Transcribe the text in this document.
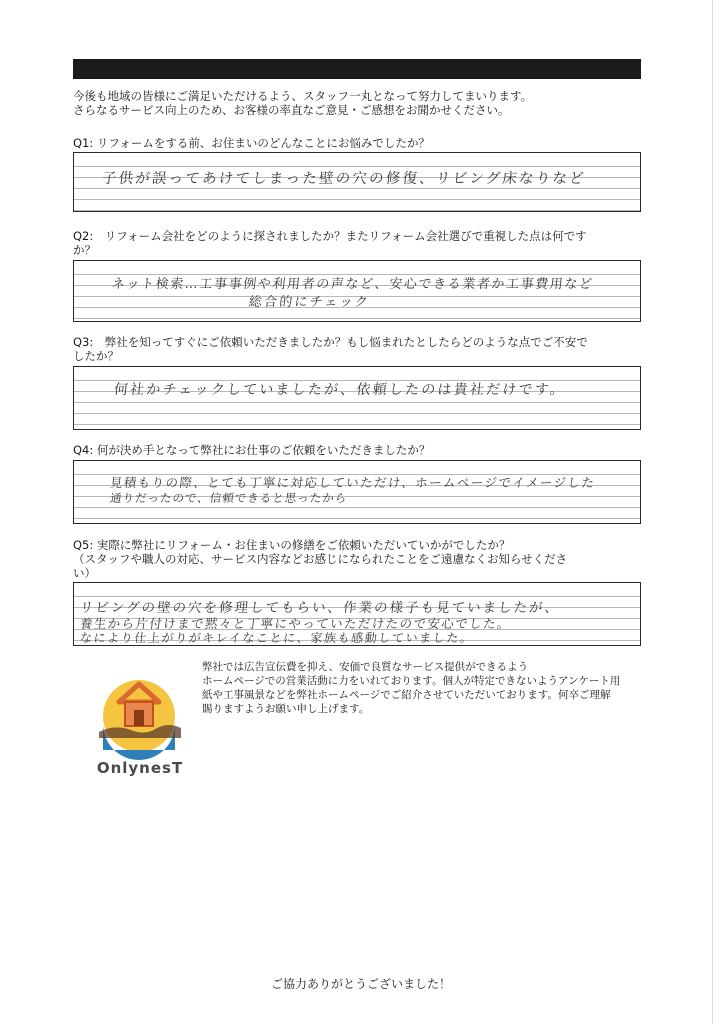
今後も地域の皆様にご満足いただけるよう、スタッフ一丸となって努力してまいります。
さらなるサービス向上のため、お客様の率直なご意見・ご感想をお聞かせください。

Q1: リフォームをする前、お住まいのどんなことにお悩みでしたか？

子供が誤ってあけてしまった壁の穴の修復、リビング床なりなど

Q2:　リフォーム会社をどのように探されましたか？またリフォーム会社選びで重視した点は何です
か？

ネット検索…工事事例や利用者の声など、安心できる業者か工事費用など
総合的にチェック

Q3:　弊社を知ってすぐにご依頼いただきましたか？もし悩まれたとしたらどのような点でご不安で
したか？

何社かチェックしていましたが、依頼したのは貴社だけです。

Q4: 何が決め手となって弊社にお仕事のご依頼をいただきましたか？

見積もりの際、とても丁寧に対応していただけ、ホームページでイメージした
通りだったので、信頼できると思ったから

Q5: 実際に弊社にリフォーム・お住まいの修繕をご依頼いただいていかがでしたか？
（スタッフや職人の対応、サービス内容などお感じになられたことをご遠慮なくお知らせくださ
い）

リビングの壁の穴を修理してもらい、作業の様子も見ていましたが、
養生から片付けまで黙々と丁寧にやっていただけたので安心でした。
なにより仕上がりがキレイなことに、家族も感動していました。
OnlynesT

弊社では広告宣伝費を抑え、安価で良質なサービス提供ができるよう
ホームページでの営業活動に力をいれております。個人が特定できないようアンケート用
紙や工事風景などを弊社ホームページでご紹介させていただいております。何卒ご理解
賜りますようお願い申し上げます。

ご協力ありがとうございました！
